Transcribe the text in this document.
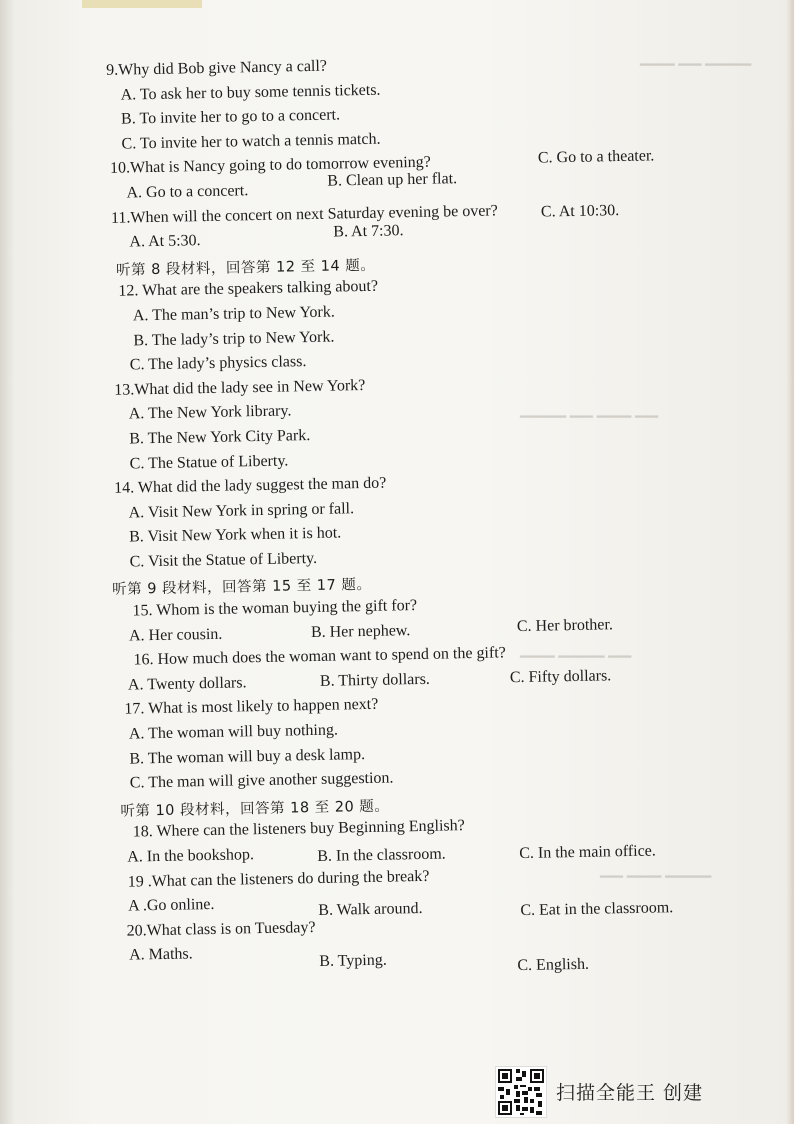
▁▁▁ ▁▁ ▁▁▁▁
▁▁▁▁ ▁▁ ▁▁▁ ▁▁
▁▁▁ ▁▁▁▁ ▁▁
▁▁ ▁▁▁ ▁▁▁▁
9.Why did Bob give Nancy a call?
A. To ask her to buy some tennis tickets.
B. To invite her to go to a concert.
C. To invite her to watch a tennis match.
10.What is Nancy going to do tomorrow evening?	C. Go to a theater.
A. Go to a concert.
B. Clean up her flat.
11.When will the concert on next Saturday evening be over?	C. At 10:30.
A. At 5:30.
B. At 7:30.
听第 8 段材料，回答第 12 至 14 题。
12. What are the speakers talking about?
A. The man’s trip to New York.
B. The lady’s trip to New York.
C. The lady’s physics class.
13.What did the lady see in New York?
A. The New York library.
B. The New York City Park.
C. The Statue of Liberty.
14. What did the lady suggest the man do?
A. Visit New York in spring or fall.
B. Visit New York when it is hot.
C. Visit the Statue of Liberty.
听第 9 段材料，回答第 15 至 17 题。
15. Whom is the woman buying the gift for?
A. Her cousin.	B. Her nephew.	C. Her brother.
16. How much does the woman want to spend on the gift?
A. Twenty dollars.	B. Thirty dollars.	C. Fifty dollars.
17. What is most likely to happen next?
A. The woman will buy nothing.
B. The woman will buy a desk lamp.
C. The man will give another suggestion.
听第 10 段材料，回答第 18 至 20 题。
18. Where can the listeners buy Beginning English?
A. In the bookshop.	B. In the classroom.	C. In the main office.
19 .What can the listeners do during the break?
A .Go online.	B. Walk around.	C. Eat in the classroom.
20.What class is on Tuesday?
A. Maths.	B. Typing.	C. English.
扫描全能王 创建
